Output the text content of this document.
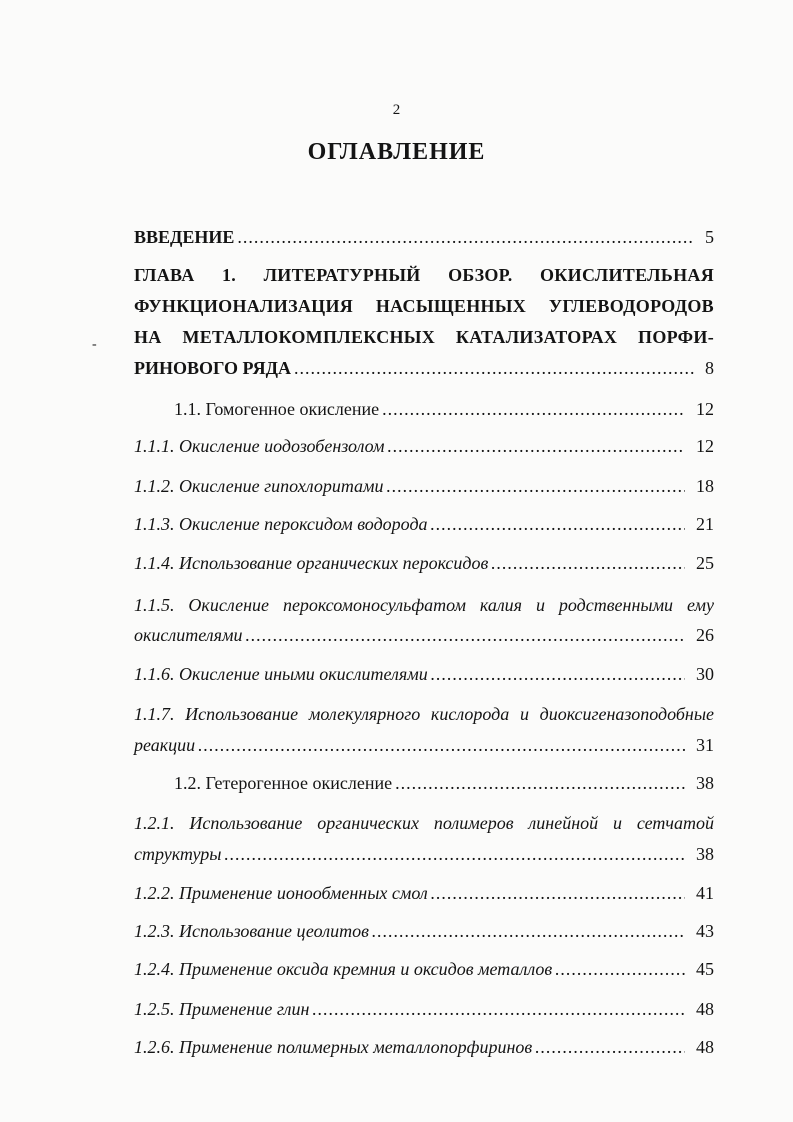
2
ОГЛАВЛЕНИЕ
-
ВВЕДЕНИЕ .....	5
ГЛАВА 1. ЛИТЕРАТУРНЫЙ ОБЗОР. ОКИСЛИТЕЛЬНАЯ
ФУНКЦИОНАЛИЗАЦИЯ НАСЫЩЕННЫХ УГЛЕВОДОРОДОВ
НА МЕТАЛЛОКОМПЛЕКСНЫХ КАТАЛИЗАТОРАХ ПОРФИ-
РИНОВОГО РЯДА .....	8
1.1. Гомогенное окисление .....	12
1.1.1. Окисление иодозобензолом .....	12
1.1.2. Окисление гипохлоритами .....	18
1.1.3. Окисление пероксидом водорода .....	21
1.1.4. Использование органических пероксидов .....	25
1.1.5. Окисление пероксомоносульфатом калия и родственными ему
окислителями .....	26
1.1.6. Окисление иными окислителями .....	30
1.1.7. Использование молекулярного кислорода и диоксигеназоподобные
реакции .....	31
1.2. Гетерогенное окисление .....	38
1.2.1. Использование органических полимеров линейной и сетчатой
структуры .....	38
1.2.2. Применение ионообменных смол .....	41
1.2.3. Использование цеолитов .....	43
1.2.4. Применение оксида кремния и оксидов металлов .....	45
1.2.5. Применение глин .....	48
1.2.6. Применение полимерных металлопорфиринов .....	48
